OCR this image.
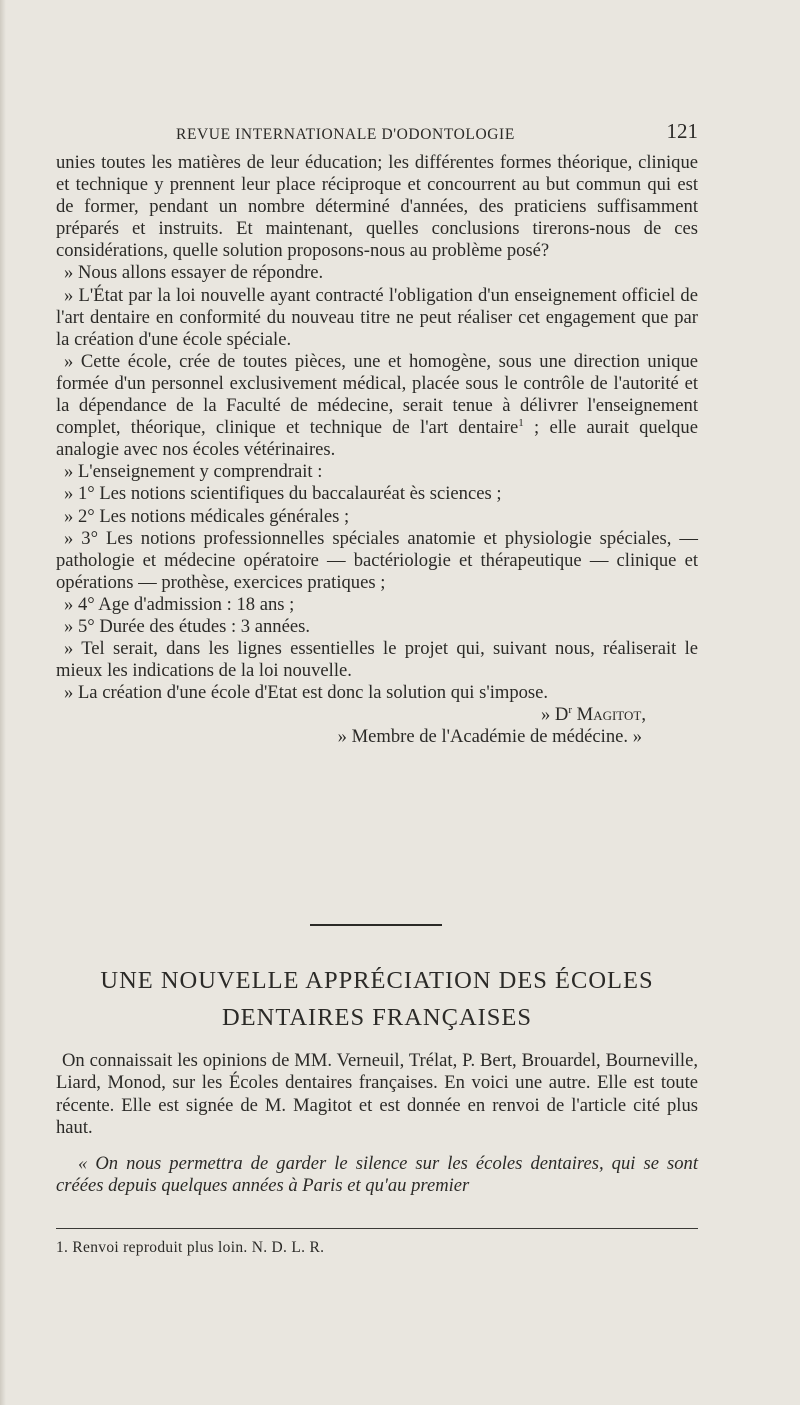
REVUE INTERNATIONALE D'ODONTOLOGIE	121

unies toutes les matières de leur éducation; les différentes formes théorique, clinique et technique y prennent leur place réciproque et concourrent au but commun qui est de former, pendant un nombre déterminé d'années, des praticiens suffisamment préparés et instruits. Et maintenant, quelles conclusions tirerons-nous de ces considérations, quelle solution proposons-nous au problème posé?

» Nous allons essayer de répondre.

» L'État par la loi nouvelle ayant contracté l'obligation d'un enseignement officiel de l'art dentaire en conformité du nouveau titre ne peut réaliser cet engagement que par la création d'une école spéciale.

» Cette école, crée de toutes pièces, une et homogène, sous une direction unique formée d'un personnel exclusivement médical, placée sous le contrôle de l'autorité et la dépendance de la Faculté de médecine, serait tenue à délivrer l'enseignement complet, théorique, clinique et technique de l'art dentaire$^1$ ; elle aurait quelque analogie avec nos écoles vétérinaires.

» L'enseignement y comprendrait :

» 1° Les notions scientifiques du baccalauréat ès sciences ;

» 2° Les notions médicales générales ;

» 3° Les notions professionnelles spéciales anatomie et physiologie spéciales, — pathologie et médecine opératoire — bactériologie et thérapeutique — clinique et opérations — prothèse, exercices pratiques ;

» 4° Age d'admission : 18 ans ;

» 5° Durée des études : 3 années.

» Tel serait, dans les lignes essentielles le projet qui, suivant nous, réaliserait le mieux les indications de la loi nouvelle.

» La création d'une école d'Etat est donc la solution qui s'impose.

» $D^r$ Magitot,

» Membre de l'Académie de médécine. »

UNE NOUVELLE APPRÉCIATION DES ÉCOLES DENTAIRES FRANÇAISES

On connaissait les opinions de MM. Verneuil, Trélat, P. Bert, Brouardel, Bourneville, Liard, Monod, sur les Écoles dentaires françaises. En voici une autre. Elle est toute récente. Elle est signée de M. Magitot et est donnée en renvoi de l'article cité plus haut.

« On nous permettra de garder le silence sur les écoles dentaires, qui se sont créées depuis quelques années à Paris et qu'au premier

1. Renvoi reproduit plus loin. N. D. L. R.
